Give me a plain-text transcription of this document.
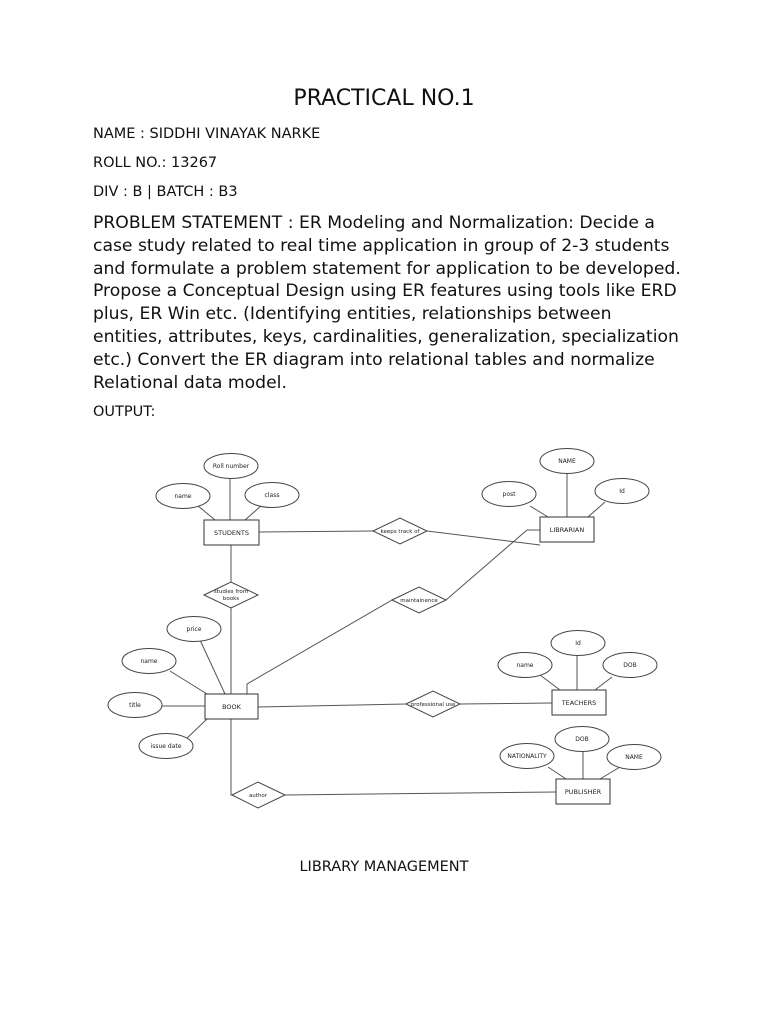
PRACTICAL NO.1
NAME : SIDDHI VINAYAK NARKE
ROLL NO.: 13267
DIV : B | BATCH : B3

PROBLEM STATEMENT : ER Modeling and Normalization: Decide a case study related to real time application in group of 2-3 students and formulate a problem statement for application to be developed. Propose a Conceptual Design using ER features using tools like ERD plus, ER Win etc. (Identifying entities, relationships between entities, attributes, keys, cardinalities, generalization, specialization etc.) Convert the ER diagram into relational tables and normalize Relational data model.

OUTPUT:
STUDENTS	LIBRARIAN
BOOK	TEACHERS
PUBLISHER
Roll number
name	class
NAME
post	Id
price
name
title
issue date
Id
name	DOB
DOB
NATIONALITY	NAME
keeps track of
studies from
books	maintainence
professional use
author
LIBRARY MANAGEMENT
